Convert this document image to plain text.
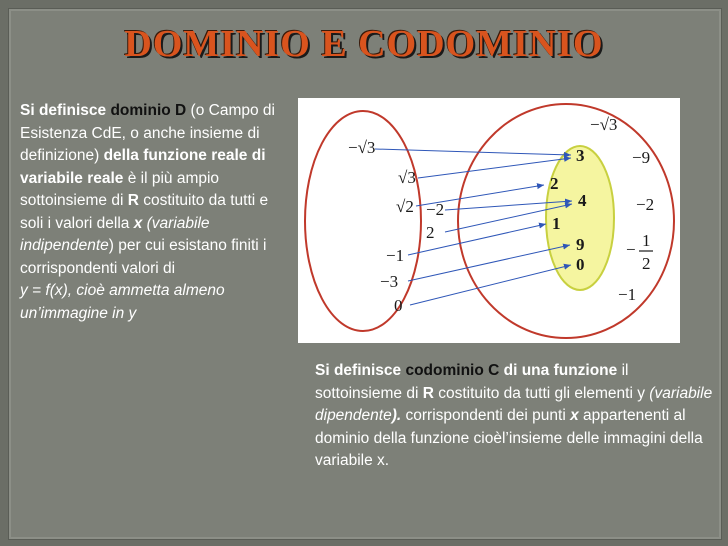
DOMINIO E CODOMINIO
Si definisce dominio D (o Campo di Esistenza CdE, o anche insieme di definizione) della funzione reale di variabile reale è il più ampio sottoinsieme di R costituito da tutti e soli i valori della x (variabile indipendente) per cui esistano finiti i corrispondenti valori di
y = f(x), cioè ammetta almeno un’immagine in y
−√3
√3
√2 −2
2
−1
−3
0
3
2
4
1
9
0
−√3
−9
−2
−1
− 1
2
Si definisce codominio C di una funzione il sottoinsieme di R costituito da tutti gli elementi y (variabile dipendente). corrispondenti dei punti x appartenenti al dominio della funzione cioèl’insieme delle immagini della variabile x.
